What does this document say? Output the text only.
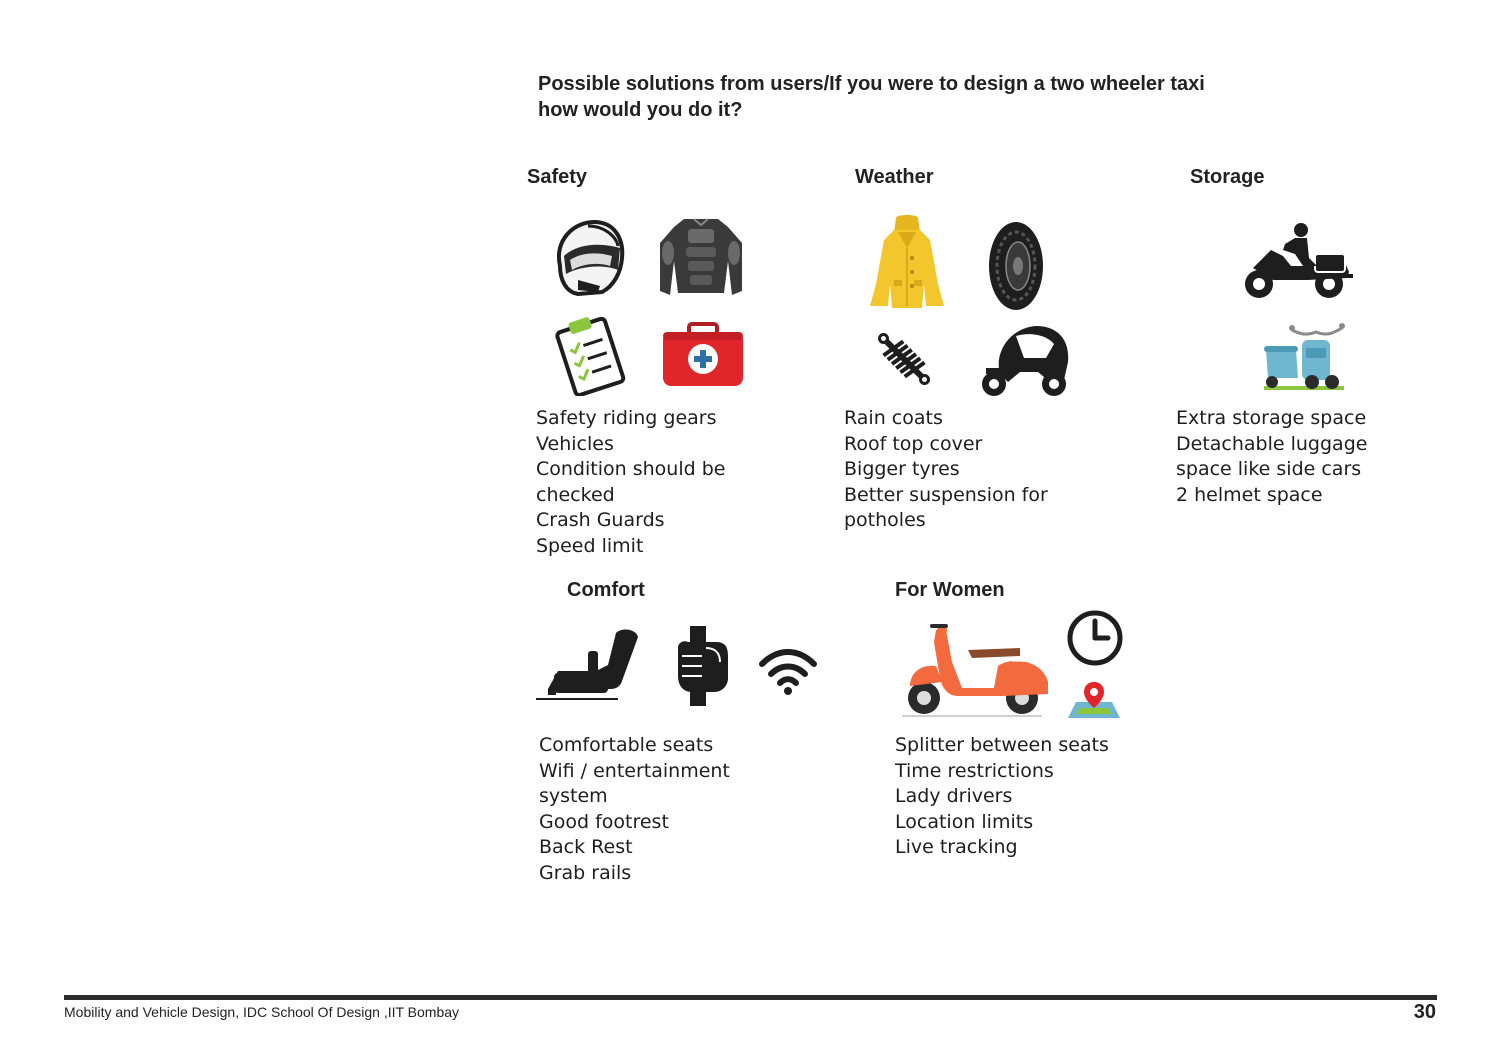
Possible solutions from users/If you were to design a two wheeler taxi
how would you do it?
Safety
Safety riding gears
Vehicles
Condition should be
checked
Crash Guards
Speed limit
Weather
Rain coats
Roof top cover
Bigger tyres
Better suspension for
potholes
Storage
Extra storage space
Detachable luggage
space like side cars
2 helmet space
Comfort
Comfortable seats
Wifi / entertainment
system
Good footrest
Back Rest
Grab rails
For Women
Splitter between seats
Time restrictions
Lady drivers
Location limits
Live tracking
Mobility and Vehicle Design, IDC School Of Design ,IIT Bombay	30
